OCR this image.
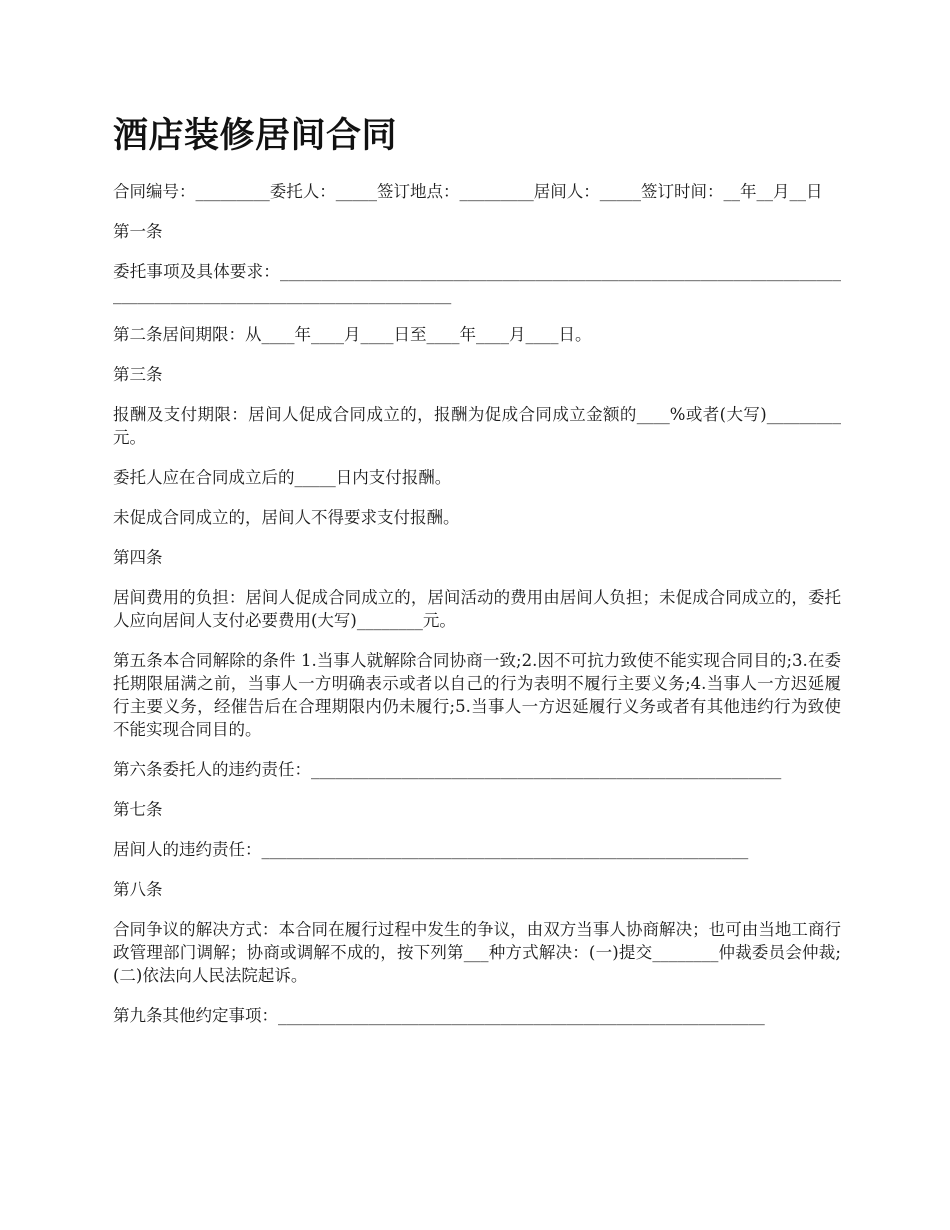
酒店装修居间合同

合同编号：_________委托人：_____签订地点：_________居间人：_____签订时间：__年__月__日

第一条

委托事项及具体要求：_____________________________________________________________________________________________________________

第二条居间期限：从____年____月____日至____年____月____日。

第三条

报酬及支付期限：居间人促成合同成立的，报酬为促成合同成立金额的____%或者(大写)_________元。

委托人应在合同成立后的_____日内支付报酬。

未促成合同成立的，居间人不得要求支付报酬。

第四条

居间费用的负担：居间人促成合同成立的，居间活动的费用由居间人负担；未促成合同成立的，委托人应向居间人支付必要费用(大写)________元。

第五条本合同解除的条件 1.当事人就解除合同协商一致;2.因不可抗力致使不能实现合同目的;3.在委托期限届满之前，当事人一方明确表示或者以自己的行为表明不履行主要义务;4.当事人一方迟延履行主要义务，经催告后在合理期限内仍未履行;5.当事人一方迟延履行义务或者有其他违约行为致使不能实现合同目的。

第六条委托人的违约责任：_________________________________________________________

第七条

居间人的违约责任：___________________________________________________________

第八条

合同争议的解决方式：本合同在履行过程中发生的争议，由双方当事人协商解决；也可由当地工商行政管理部门调解；协商或调解不成的，按下列第___种方式解决：(一)提交________仲裁委员会仲裁;(二)依法向人民法院起诉。

第九条其他约定事项：___________________________________________________________
